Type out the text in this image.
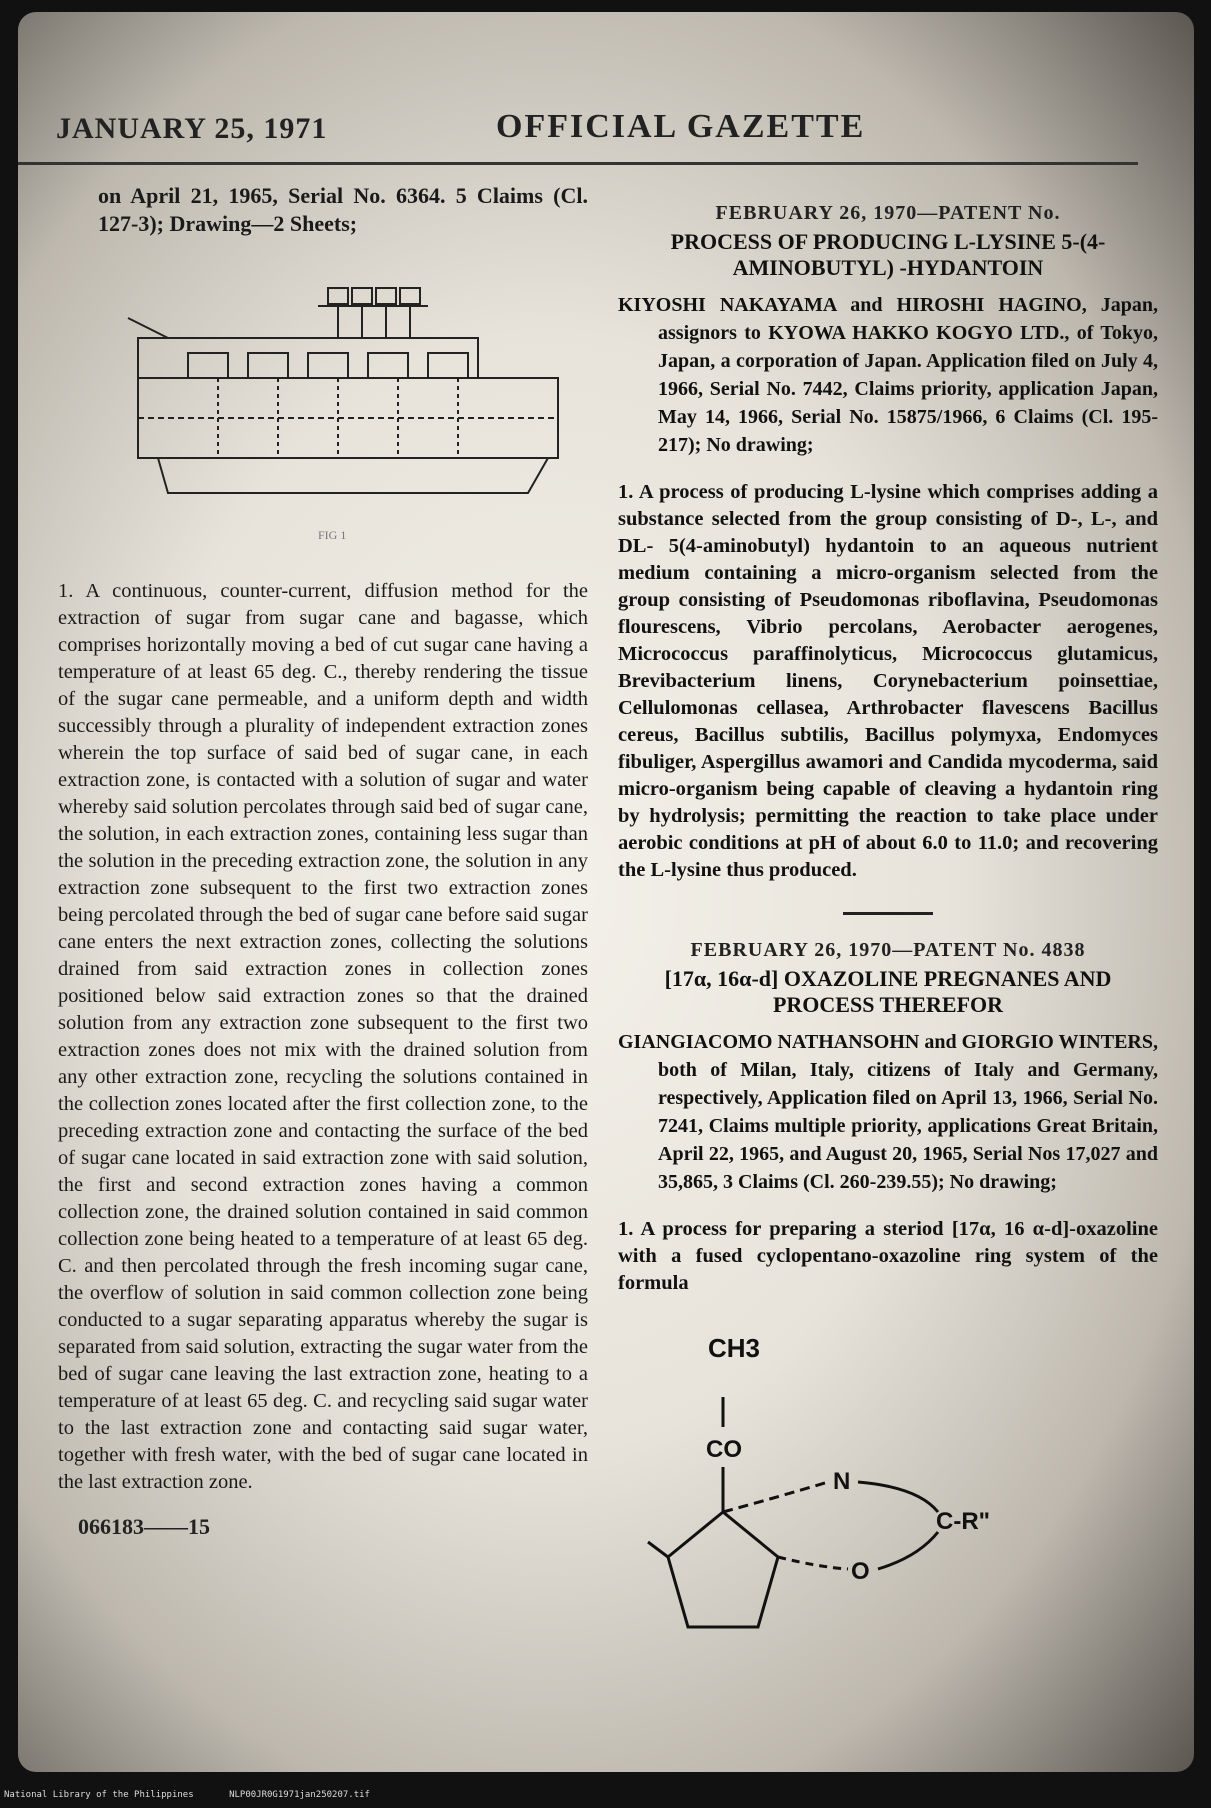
JANUARY 25, 1971	OFFICIAL GAZETTE

on April 21, 1965, Serial No. 6364. 5 Claims (Cl. 127-3); Drawing—2 Sheets;

FIG 1

1. A continuous, counter-current, diffusion method for the extraction of sugar from sugar cane and bagasse, which comprises horizontally moving a bed of cut sugar cane having a temperature of at least 65 deg. C., thereby rendering the tissue of the sugar cane permeable, and a uniform depth and width successibly through a plurality of independent extraction zones wherein the top surface of said bed of sugar cane, in each extraction zone, is contacted with a solution of sugar and water whereby said solution percolates through said bed of sugar cane, the solution, in each extraction zones, containing less sugar than the solution in the preceding extraction zone, the solution in any extraction zone subsequent to the first two extraction zones being percolated through the bed of sugar cane before said sugar cane enters the next extraction zones, collecting the solutions drained from said extraction zones in collection zones positioned below said extraction zones so that the drained solution from any extraction zone subsequent to the first two extraction zones does not mix with the drained solution from any other extraction zone, recycling the solutions contained in the collection zones located after the first collection zone, to the preceding extraction zone and contacting the surface of the bed of sugar cane located in said extraction zone with said solution, the first and second extraction zones having a common collection zone, the drained solution contained in said common collection zone being heated to a temperature of at least 65 deg. C. and then percolated through the fresh incoming sugar cane, the overflow of solution in said common collection zone being conducted to a sugar separating apparatus whereby the sugar is separated from said solution, extracting the sugar water from the bed of sugar cane leaving the last extraction zone, heating to a temperature of at least 65 deg. C. and recycling said sugar water to the last extraction zone and contacting said sugar water, together with fresh water, with the bed of sugar cane located in the last extraction zone.

066183——15

FEBRUARY 26, 1970—PATENT No.

PROCESS OF PRODUCING L-LYSINE 5-(4-AMINOBUTYL) -HYDANTOIN

KIYOSHI NAKAYAMA and HIROSHI HAGINO, Japan, assignors to KYOWA HAKKO KOGYO LTD., of Tokyo, Japan, a corporation of Japan. Application filed on July 4, 1966, Serial No. 7442, Claims priority, application Japan, May 14, 1966, Serial No. 15875/1966, 6 Claims (Cl. 195-217); No drawing;

1. A process of producing L-lysine which comprises adding a substance selected from the group consisting of D-, L-, and DL- 5(4-aminobutyl) hydantoin to an aqueous nutrient medium containing a micro-organism selected from the group consisting of Pseudomonas riboflavina, Pseudomonas flourescens, Vibrio percolans, Aerobacter aerogenes, Micrococcus paraffinolyticus, Micrococcus glutamicus, Brevibacterium linens, Corynebacterium poinsettiae, Cellulomonas cellasea, Arthrobacter flavescens Bacillus cereus, Bacillus subtilis, Bacillus polymyxa, Endomyces fibuliger, Aspergillus awamori and Candida mycoderma, said micro-organism being capable of cleaving a hydantoin ring by hydrolysis; permitting the reaction to take place under aerobic conditions at pH of about 6.0 to 11.0; and recovering the L-lysine thus produced.

FEBRUARY 26, 1970—PATENT No. 4838

[17α, 16α-d] OXAZOLINE PREGNANES AND PROCESS THEREFOR

GIANGIACOMO NATHANSOHN and GIORGIO WINTERS, both of Milan, Italy, citizens of Italy and Germany, respectively, Application filed on April 13, 1966, Serial No. 7241, Claims multiple priority, applications Great Britain, April 22, 1965, and August 20, 1965, Serial Nos 17,027 and 35,865, 3 Claims (Cl. 260-239.55); No drawing;

1. A process for preparing a steriod [17α, 16 α-d]-oxazoline with a fused cyclopentano-oxazoline ring system of the formula

CH3
CO
N
O
C-R"
National Library of the Philippines	NLP00JR0G1971jan250207.tif
